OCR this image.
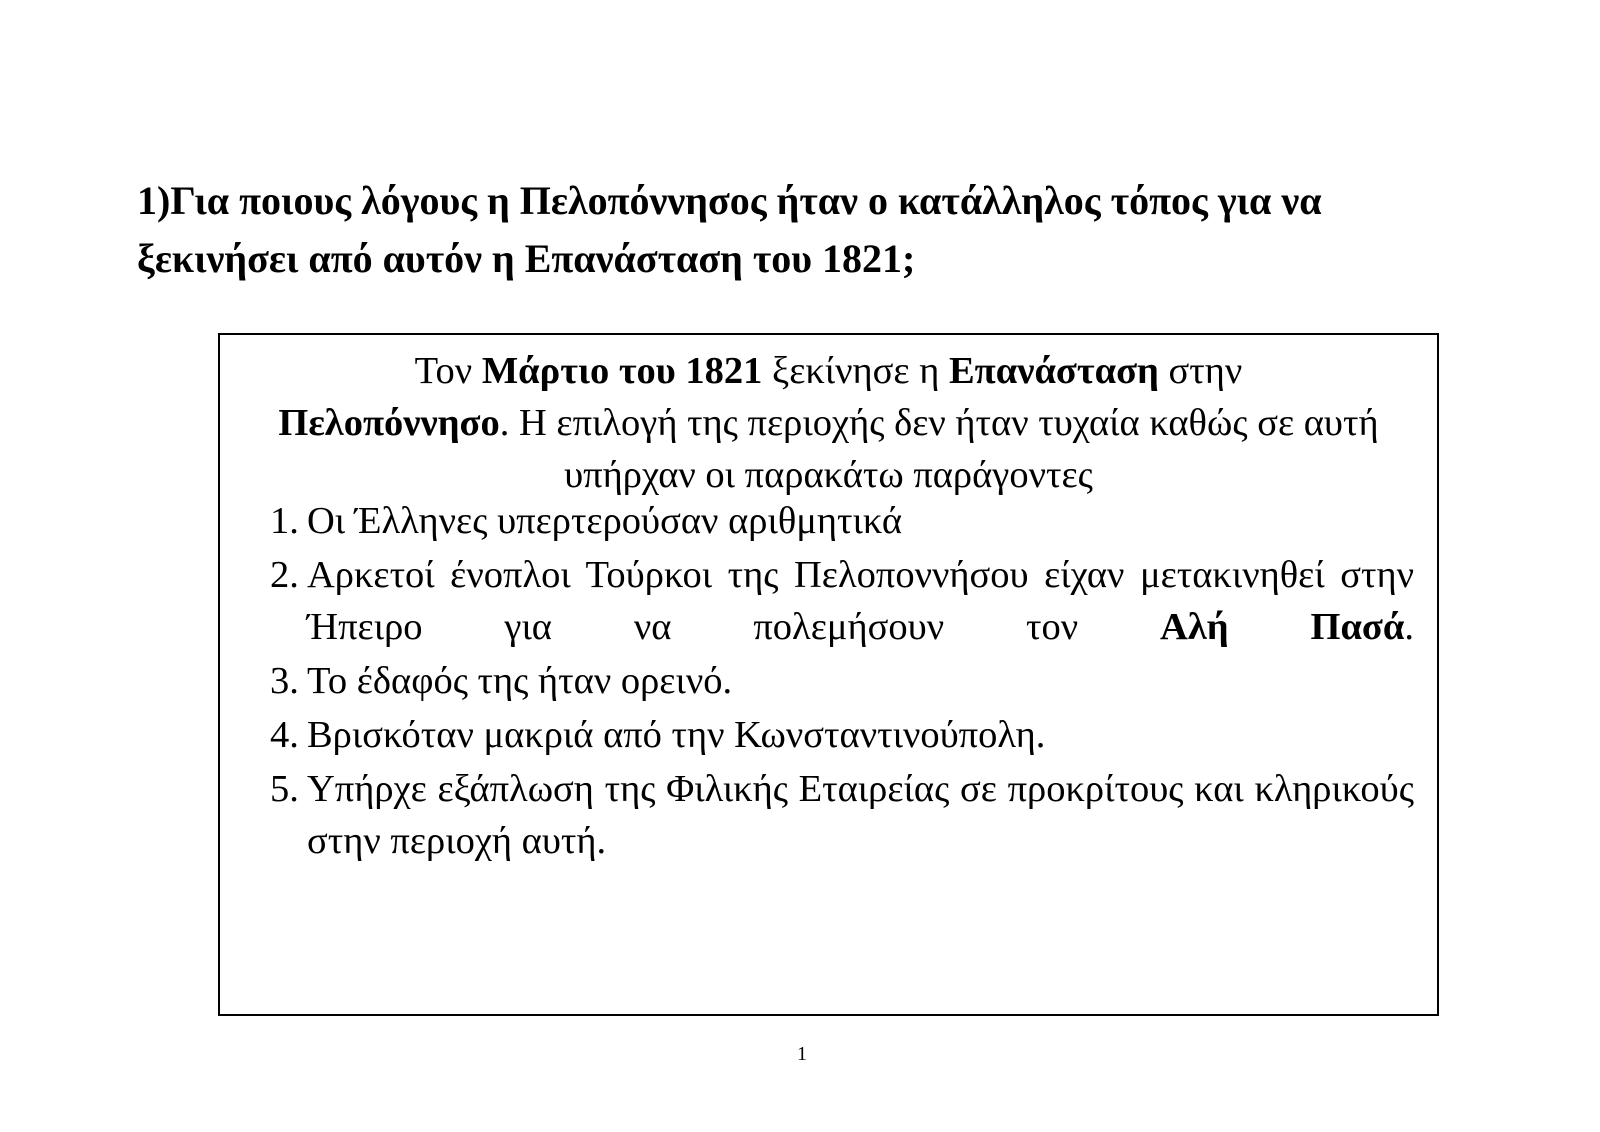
1)Για ποιους λόγους η Πελοπόννησος ήταν ο κατάλληλος τόπος για να ξεκινήσει από αυτόν η Επανάσταση του 1821;

Τον Μάρτιο του 1821 ξεκίνησε η Επανάσταση στην
Πελοπόννησο. Η επιλογή της περιοχής δεν ήταν τυχαία καθώς σε αυτή υπήρχαν οι παρακάτω παράγοντες

1. Οι Έλληνες υπερτερούσαν αριθμητικά
2. Αρκετοί ένοπλοι Τούρκοι της Πελοποννήσου είχαν μετακινηθεί στην Ήπειρο για να πολεμήσουν τον Αλή Πασά.
3. Το έδαφός της ήταν ορεινό.
4. Βρισκόταν μακριά από την Κωνσταντινούπολη.
5. Υπήρχε εξάπλωση της Φιλικής Εταιρείας σε προκρίτους και κληρικούς στην περιοχή αυτή.
1
